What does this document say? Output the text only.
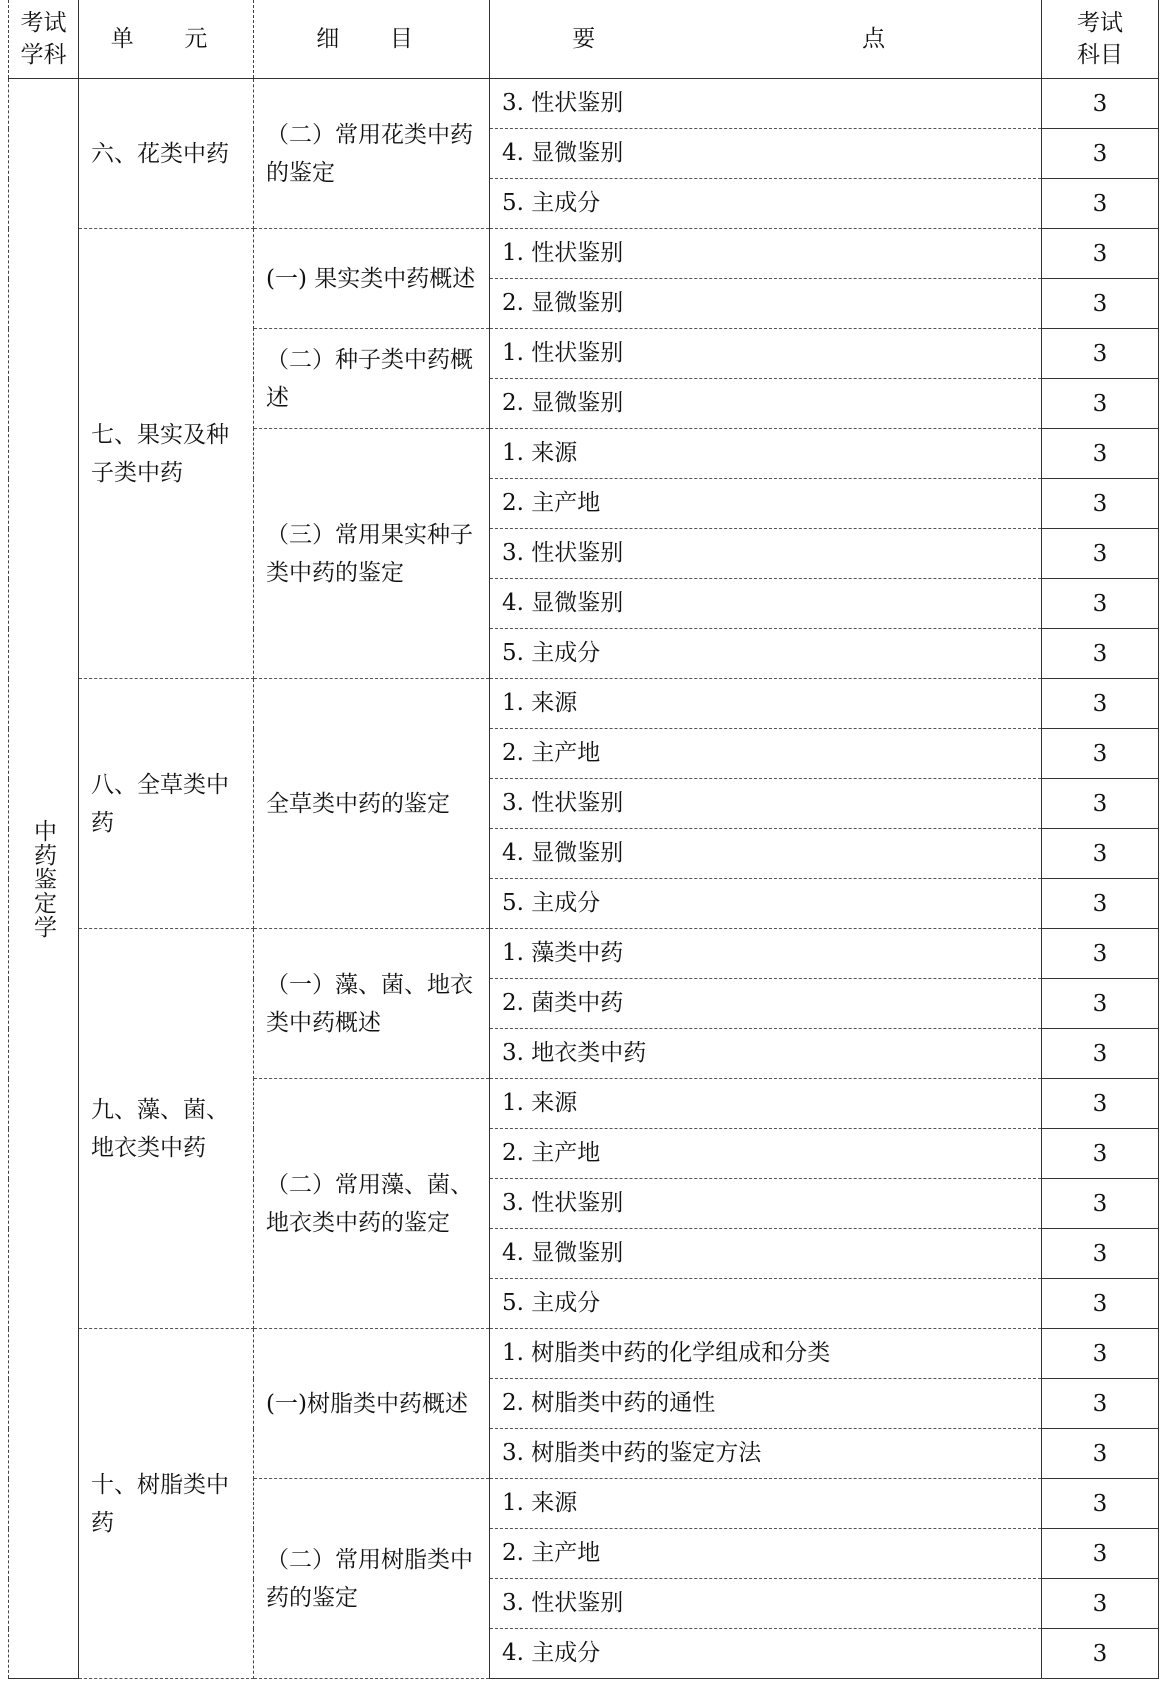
考试学科	单　元	细　目	要　　点	考试科目

中药鉴定学	六、花类中药	（二）常用花类中药的鉴定	3. 性状鉴别	3
			4. 显微鉴别	3
			5. 主成分	3
	七、果实及种子类中药	(一) 果实类中药概述	1. 性状鉴别	3
			2. 显微鉴别	3
		（二）种子类中药概述	1. 性状鉴别	3
			2. 显微鉴别	3
		（三）常用果实种子类中药的鉴定	1. 来源	3
			2. 主产地	3
			3. 性状鉴别	3
			4. 显微鉴别	3
			5. 主成分	3
	八、全草类中药	全草类中药的鉴定	1. 来源	3
			2. 主产地	3
			3. 性状鉴别	3
			4. 显微鉴别	3
			5. 主成分	3
	九、藻、菌、地衣类中药	（一）藻、菌、地衣类中药概述	1. 藻类中药	3
			2. 菌类中药	3
			3. 地衣类中药	3
		（二）常用藻、菌、地衣类中药的鉴定	1. 来源	3
			2. 主产地	3
			3. 性状鉴别	3
			4. 显微鉴别	3
			5. 主成分	3
	十、树脂类中药	(一)树脂类中药概述	1. 树脂类中药的化学组成和分类	3
			2. 树脂类中药的通性	3
			3. 树脂类中药的鉴定方法	3
		（二）常用树脂类中药的鉴定	1. 来源	3
			2. 主产地	3
			3. 性状鉴别	3
			4. 主成分	3
